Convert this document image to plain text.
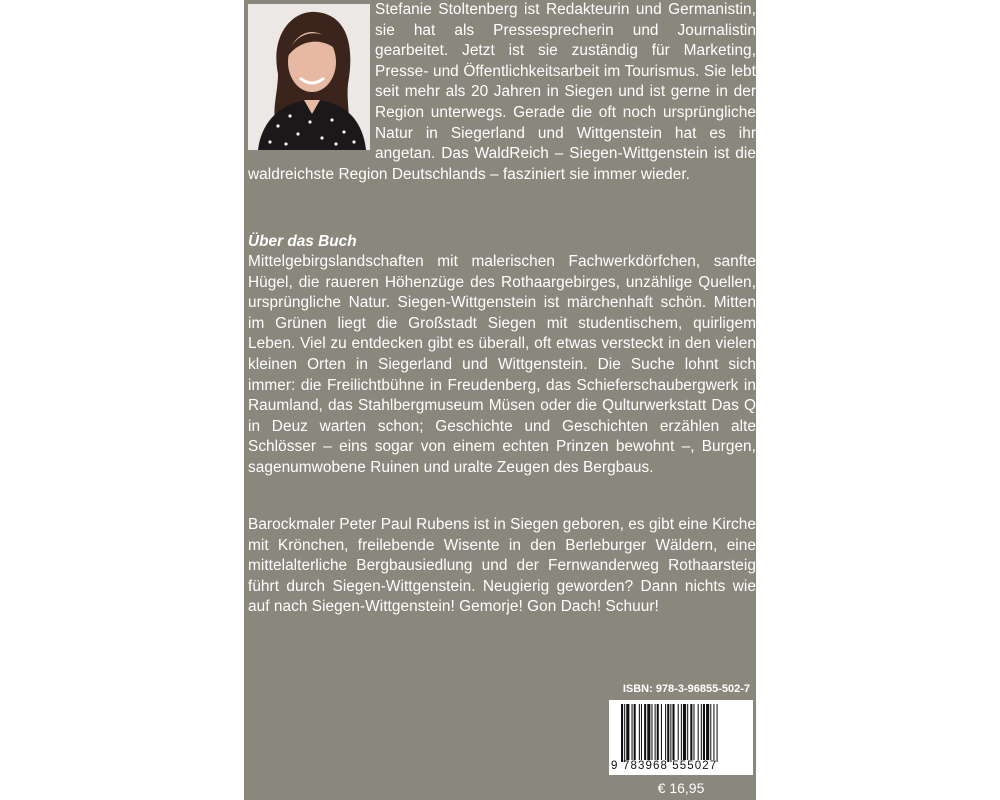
Stefanie Stoltenberg ist Redakteurin und Germanistin, sie hat als Pressesprecherin und Journalistin gearbeitet. Jetzt ist sie zuständig für Marketing, Presse- und Öffentlichkeitsarbeit im Tourismus. Sie lebt seit mehr als 20 Jahren in Siegen und ist gerne in der Region unterwegs. Gerade die oft noch ursprüngliche Natur in Siegerland und Wittgenstein hat es ihr angetan. Das WaldReich – Siegen-Wittgenstein ist die waldreichste Region Deutschlands – fasziniert sie immer wieder.
Über das Buch
Mittelgebirgslandschaften mit malerischen Fachwerkdörfchen, sanfte Hügel, die raueren Höhenzüge des Rothaargebirges, unzählige Quellen, ursprüngliche Natur. Siegen-Wittgenstein ist märchenhaft schön. Mitten im Grünen liegt die Großstadt Siegen mit studentischem, quirligem Leben. Viel zu entdecken gibt es überall, oft etwas versteckt in den vielen kleinen Orten in Siegerland und Wittgenstein. Die Suche lohnt sich immer: die Freilichtbühne in Freudenberg, das Schieferschaubergwerk in Raumland, das Stahlbergmuseum Müsen oder die Qulturwerkstatt Das Q in Deuz warten schon; Geschichte und Geschichten erzählen alte Schlösser – eins sogar von einem echten Prinzen bewohnt –, Burgen, sagenumwobene Ruinen und uralte Zeugen des Bergbaus.
Barockmaler Peter Paul Rubens ist in Siegen geboren, es gibt eine Kirche mit Krönchen, freilebende Wisente in den Berleburger Wäldern, eine mittelalterliche Bergbausiedlung und der Fernwanderweg Rothaarsteig führt durch Siegen-Wittgenstein. Neugierig geworden? Dann nichts wie auf nach Siegen-Wittgenstein! Gemorje! Gon Dach! Schuur!
ISBN: 978-3-96855-502-7
9 783968 555027
€ 16,95
